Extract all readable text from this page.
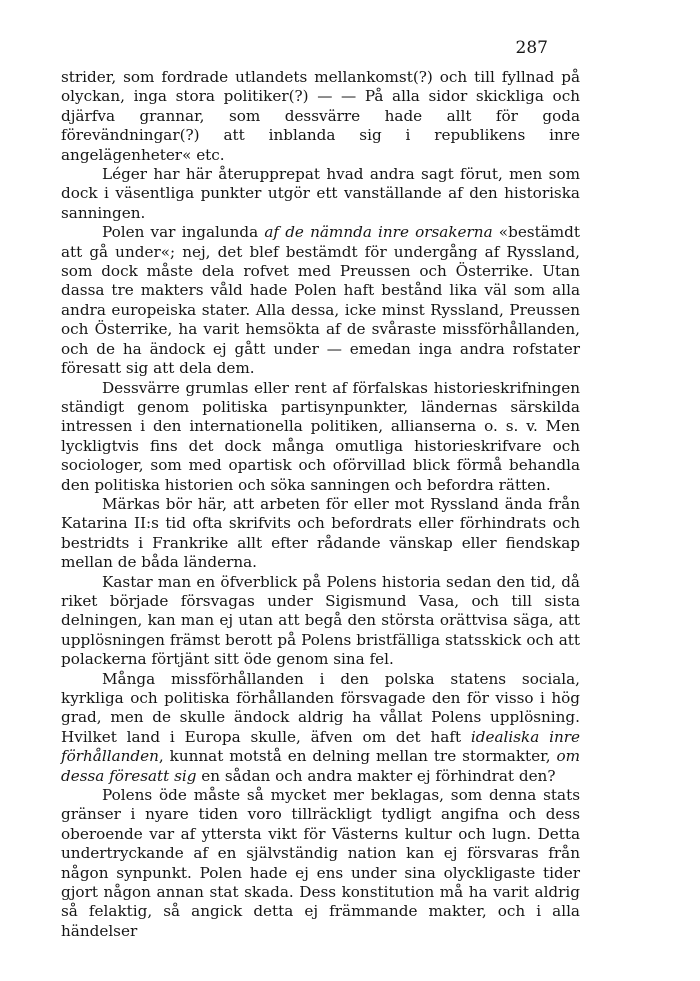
287

strider, som fordrade utlandets mellankomst(?) och till fyllnad på olyckan, inga stora politiker(?) — — På alla sidor skickliga och djärfva grannar, som dessvärre hade allt för goda förevändningar(?) att inblanda sig i republikens inre angelägenheter« etc.

Léger har här återupprepat hvad andra sagt förut, men som dock i väsentliga punkter utgör ett vanställande af den historiska sanningen.

Polen var ingalunda af de nämnda inre orsakerna «bestämdt att gå under«; nej, det blef bestämdt för undergång af Ryssland, som dock måste dela rofvet med Preussen och Österrike. Utan dassa tre makters våld hade Polen haft bestånd lika väl som alla andra europeiska stater. Alla dessa, icke minst Ryssland, Preussen och Österrike, ha varit hemsökta af de svåraste missförhållanden, och de ha ändock ej gått under — emedan inga andra rofstater föresatt sig att dela dem.

Dessvärre grumlas eller rent af förfalskas historieskrifningen ständigt genom politiska partisynpunkter, ländernas särskilda intressen i den internationella politiken, allianserna o. s. v. Men lyckligtvis fins det dock många omutliga historieskrifvare och sociologer, som med opartisk och oförvillad blick förmå behandla den politiska historien och söka sanningen och befordra rätten.

Märkas bör här, att arbeten för eller mot Ryssland ända från Katarina II:s tid ofta skrifvits och befordrats eller förhindrats och bestridts i Frankrike allt efter rådande vänskap eller fiendskap mellan de båda länderna.

Kastar man en öfverblick på Polens historia sedan den tid, då riket började försvagas under Sigismund Vasa, och till sista delningen, kan man ej utan att begå den största orättvisa säga, att upplösningen främst berott på Polens bristfälliga statsskick och att polackerna förtjänt sitt öde genom sina fel.

Många missförhållanden i den polska statens sociala, kyrkliga och politiska förhållanden försvagade den för visso i hög grad, men de skulle ändock aldrig ha vållat Polens upplösning. Hvilket land i Europa skulle, äfven om det haft idealiska inre förhållanden, kunnat motstå en delning mellan tre stormakter, om dessa föresatt sig en sådan och andra makter ej förhindrat den?

Polens öde måste så mycket mer beklagas, som denna stats gränser i nyare tiden voro tillräckligt tydligt angifna och dess oberoende var af yttersta vikt för Västerns kultur och lugn. Detta undertryckande af en självständig nation kan ej försvaras från någon synpunkt. Polen hade ej ens under sina olyckligaste tider gjort någon annan stat skada. Dess konstitution må ha varit aldrig så felaktig, så angick detta ej främmande makter, och i alla händelser
